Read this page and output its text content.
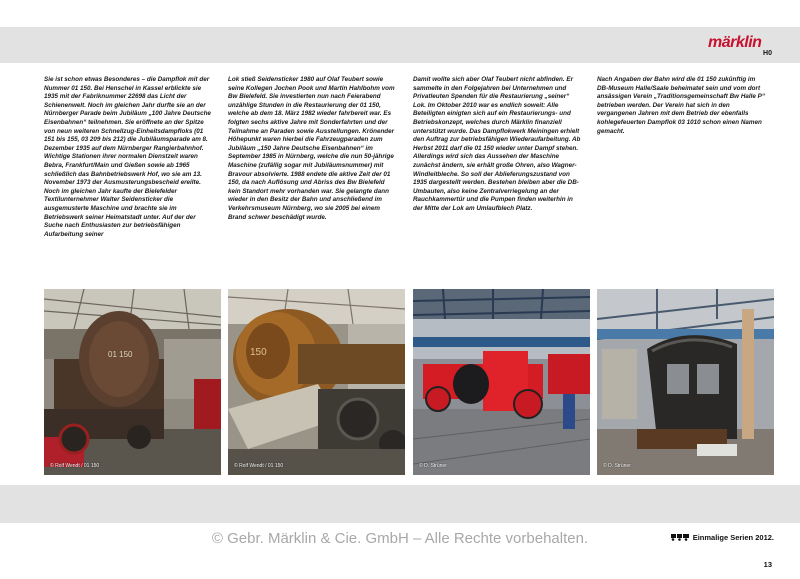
märklin
H0
Sie ist schon etwas Besonderes – die Dampflok mit der Nummer 01 150. Bei Henschel in Kassel erblickte sie 1935 mit der Fabriknummer 22698 das Licht der Schienenwelt. Noch im gleichen Jahr durfte sie an der Nürnberger Parade beim Jubiläum „100 Jahre Deutsche Eisenbahnen“ teilnehmen. Sie eröffnete an der Spitze von neun weiteren Schnellzug-Einheitsdampfloks (01 151 bis 155, 03 209 bis 212) die Jubiläumsparade am 8. Dezember 1935 auf dem Nürnberger Rangierbahnhof. Wichtige Stationen ihrer normalen Dienstzeit waren Bebra, Frankfurt/Main und Gießen sowie ab 1965 schließlich das Bahnbetriebswerk Hof, wo sie am 13. November 1973 der Ausmusterungsbescheid ereilte. Noch im gleichen Jahr kaufte der Bielefelder Textilunternehmer Walter Seidensticker die ausgemusterte Maschine und brachte sie im Betriebswerk seiner Heimatstadt unter. Auf der der Suche nach Enthusiasten zur betriebsfähigen Aufarbeitung seiner
Lok stieß Seidensticker 1980 auf Olaf Teubert sowie seine Kollegen Jochen Pook und Martin Hahlbohm vom Bw Bielefeld. Sie investierten nun nach Feierabend unzählige Stunden in die Restaurierung der 01 150, welche ab dem 18. März 1982 wieder fahrbereit war. Es folgten sechs aktive Jahre mit Sonderfahrten und der Teilnahme an Paraden sowie Ausstellungen. Krönender Höhepunkt waren hierbei die Fahrzeugparaden zum Jubiläum „150 Jahre Deutsche Eisenbahnen“ im September 1985 in Nürnberg, welche die nun 50-jährige Maschine (zufällig sogar mit Jubiläumsnummer) mit Bravour absolvierte. 1988 endete die aktive Zeit der 01 150, da nach Auflösung und Abriss des Bw Bielefeld kein Standort mehr vorhanden war. Sie gelangte dann wieder in den Besitz der Bahn und anschließend im Verkehrsmuseum Nürnberg, wo sie 2005 bei einem Brand schwer beschädigt wurde.
Damit wollte sich aber Olaf Teubert nicht abfinden. Er sammelte in den Folgejahren bei Unternehmen und Privatleuten Spenden für die Restaurierung „seiner“ Lok. Im Oktober 2010 war es endlich soweit: Alle Beteiligten einigten sich auf ein Restaurierungs- und Betriebskonzept, welches durch Märklin finanziell unterstützt wurde. Das Dampflokwerk Meiningen erhielt den Auftrag zur betriebsfähigen Wiederaufarbeitung. Ab Herbst 2011 darf die 01 150 wieder unter Dampf stehen. Allerdings wird sich das Aussehen der Maschine zunächst ändern, sie erhält große Ohren, also Wagner-Windleitbleche. So soll der Ablieferungszustand von 1935 dargestellt werden. Bestehen bleiben aber die DB-Umbauten, also keine Zentralverriegelung an der Rauchkammertür und die Pumpen finden weiterhin in der Mitte der Lok am Umlaufblech Platz.
Nach Angaben der Bahn wird die 01 150 zukünftig im DB-Museum Halle/Saale beheimatet sein und vom dort ansässigen Verein „Traditionsgemeinschaft Bw Halle P“ betrieben werden. Der Verein hat sich in den vergangenen Jahren mit dem Betrieb der ebenfalls kohlegefeuerten Dampflok 03 1010 schon einen Namen gemacht.
01 150
© Rolf Wendt / 01 150
150
© Rolf Wendt / 01 150	© D. Strüner	© D. Strüner
© Gebr. Märklin & Cie. GmbH – Alle Rechte vorbehalten.	Einmalige Serien 2012.
13
